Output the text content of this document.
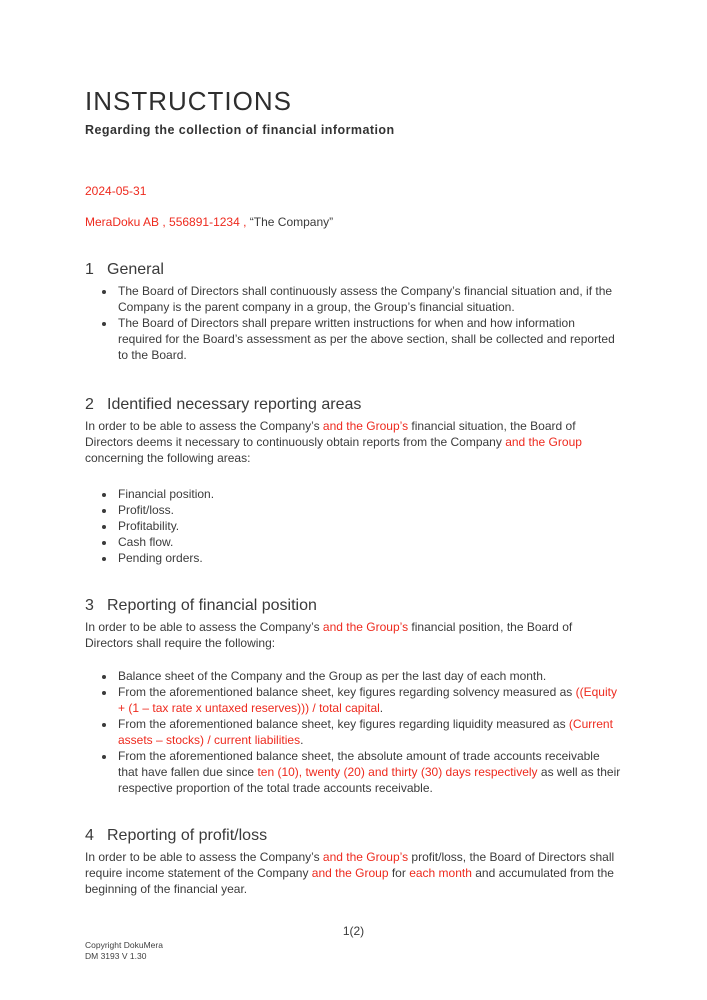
INSTRUCTIONS
Regarding the collection of financial information
2024-05-31
MeraDoku AB , 556891-1234 , “The Company”
1 General
• The Board of Directors shall continuously assess the Company’s financial situation and, if the Company is the parent company in a group, the Group’s financial situation.
• The Board of Directors shall prepare written instructions for when and how information required for the Board’s assessment as per the above section, shall be collected and reported to the Board.
2 Identified necessary reporting areas

In order to be able to assess the Company’s and the Group’s financial situation, the Board of Directors deems it necessary to continuously obtain reports from the Company and the Group concerning the following areas:

• Financial position.
• Profit/loss.
• Profitability.
• Cash flow.
• Pending orders.
3 Reporting of financial position

In order to be able to assess the Company’s and the Group’s financial position, the Board of Directors shall require the following:

• Balance sheet of the Company and the Group as per the last day of each month.
• From the aforementioned balance sheet, key figures regarding solvency measured as ((Equity + (1 – tax rate x untaxed reserves))) / total capital.
• From the aforementioned balance sheet, key figures regarding liquidity measured as (Current assets – stocks) / current liabilities.
• From the aforementioned balance sheet, the absolute amount of trade accounts receivable that have fallen due since ten (10), twenty (20) and thirty (30) days respectively as well as their respective proportion of the total trade accounts receivable.
4 Reporting of profit/loss

In order to be able to assess the Company’s and the Group’s profit/loss, the Board of Directors shall require income statement of the Company and the Group for each month and accumulated from the beginning of the financial year.

1(2)
Copyright DokuMera
DM 3193 V 1.30
